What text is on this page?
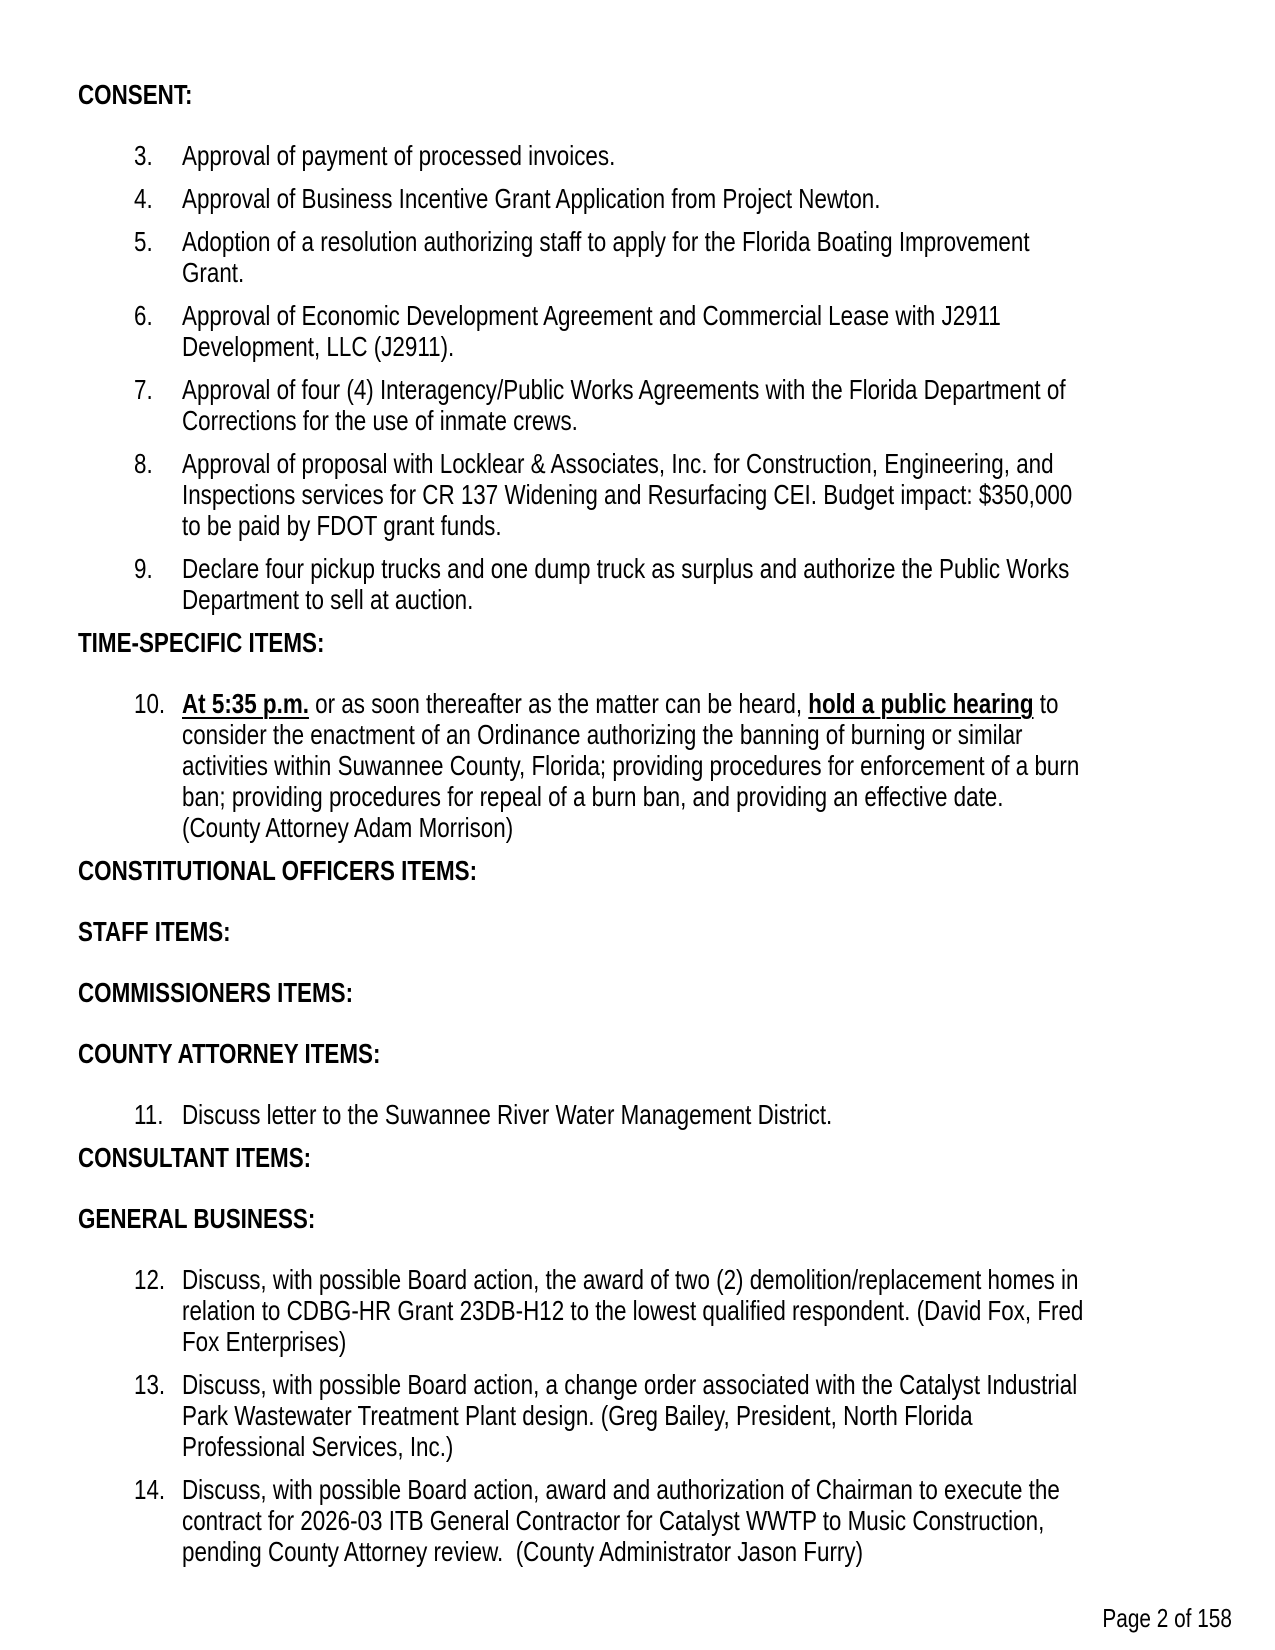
CONSENT:
3. Approval of payment of processed invoices.
4. Approval of Business Incentive Grant Application from Project Newton.
5. Adoption of a resolution authorizing staff to apply for the Florida Boating Improvement
Grant.
6. Approval of Economic Development Agreement and Commercial Lease with J2911
Development, LLC (J2911).
7. Approval of four (4) Interagency/Public Works Agreements with the Florida Department of
Corrections for the use of inmate crews.
8. Approval of proposal with Locklear & Associates, Inc. for Construction, Engineering, and
Inspections services for CR 137 Widening and Resurfacing CEI. Budget impact: $350,000
to be paid by FDOT grant funds.
9. Declare four pickup trucks and one dump truck as surplus and authorize the Public Works
Department to sell at auction.
TIME-SPECIFIC ITEMS:
10. At 5:35 p.m. or as soon thereafter as the matter can be heard, hold a public hearing to
consider the enactment of an Ordinance authorizing the banning of burning or similar
activities within Suwannee County, Florida; providing procedures for enforcement of a burn
ban; providing procedures for repeal of a burn ban, and providing an effective date.
(County Attorney Adam Morrison)
CONSTITUTIONAL OFFICERS ITEMS:
STAFF ITEMS:
COMMISSIONERS ITEMS:
COUNTY ATTORNEY ITEMS:
11. Discuss letter to the Suwannee River Water Management District.
CONSULTANT ITEMS:
GENERAL BUSINESS:
12. Discuss, with possible Board action, the award of two (2) demolition/replacement homes in
relation to CDBG-HR Grant 23DB-H12 to the lowest qualified respondent. (David Fox, Fred
Fox Enterprises)
13. Discuss, with possible Board action, a change order associated with the Catalyst Industrial
Park Wastewater Treatment Plant design. (Greg Bailey, President, North Florida
Professional Services, Inc.)
14. Discuss, with possible Board action, award and authorization of Chairman to execute the
contract for 2026-03 ITB General Contractor for Catalyst WWTP to Music Construction,
pending County Attorney review.  (County Administrator Jason Furry)
Page 2 of 158
